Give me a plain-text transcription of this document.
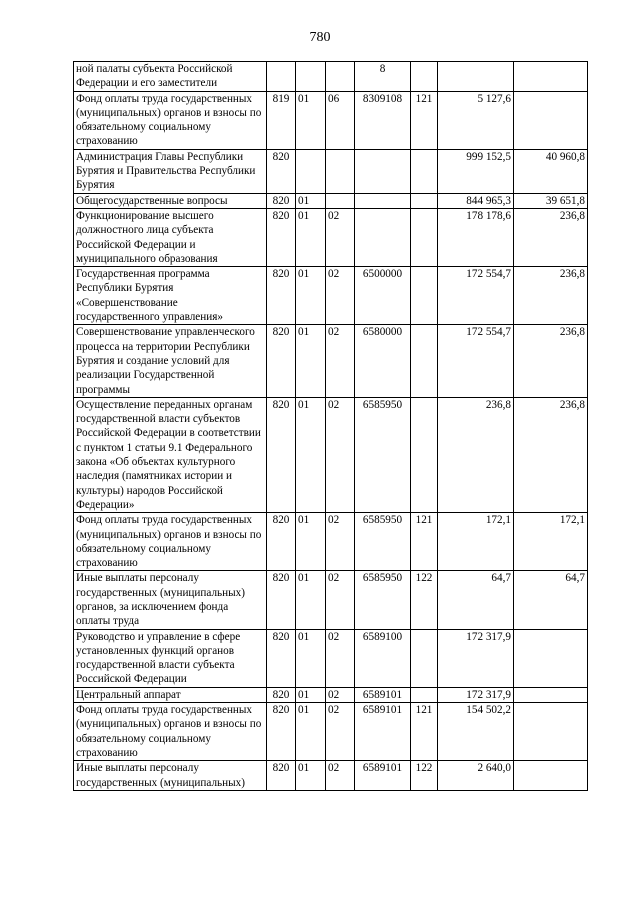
780
ной палаты субъекта Российской Федерации и его заместители				8			
Фонд оплаты труда государственных (муниципальных) органов и взносы по обязательному социальному страхованию	819	01	06	8309108	121	5 127,6	
Администрация Главы Республики Бурятия и Правительства Республики Бурятия	820					999 152,5	40 960,8
Общегосударственные вопросы	820	01				844 965,3	39 651,8
Функционирование высшего должностного лица субъекта Российской Федерации и муниципального образования	820	01	02			178 178,6	236,8
Государственная программа Республики Бурятия «Совершенствование государственного управления»	820	01	02	6500000		172 554,7	236,8
Совершенствование управленческого процесса на территории Республики Бурятия и создание условий для реализации Государственной программы	820	01	02	6580000		172 554,7	236,8
Осуществление переданных органам государственной власти субъектов Российской Федерации в соответствии с пунктом 1 статьи 9.1 Федерального закона «Об объектах культурного наследия (памятниках истории и культуры) народов Российской Федерации»	820	01	02	6585950		236,8	236,8
Фонд оплаты труда государственных (муниципальных) органов и взносы по обязательному социальному страхованию	820	01	02	6585950	121	172,1	172,1
Иные выплаты персоналу государственных (муниципальных) органов, за исключением фонда оплаты труда	820	01	02	6585950	122	64,7	64,7
Руководство и управление в сфере установленных функций органов государственной власти субъекта Российской Федерации	820	01	02	6589100		172 317,9	
Центральный аппарат	820	01	02	6589101		172 317,9	
Фонд оплаты труда государственных (муниципальных) органов и взносы по обязательному социальному страхованию	820	01	02	6589101	121	154 502,2	
Иные выплаты персоналу государственных (муниципальных)	820	01	02	6589101	122	2 640,0	
